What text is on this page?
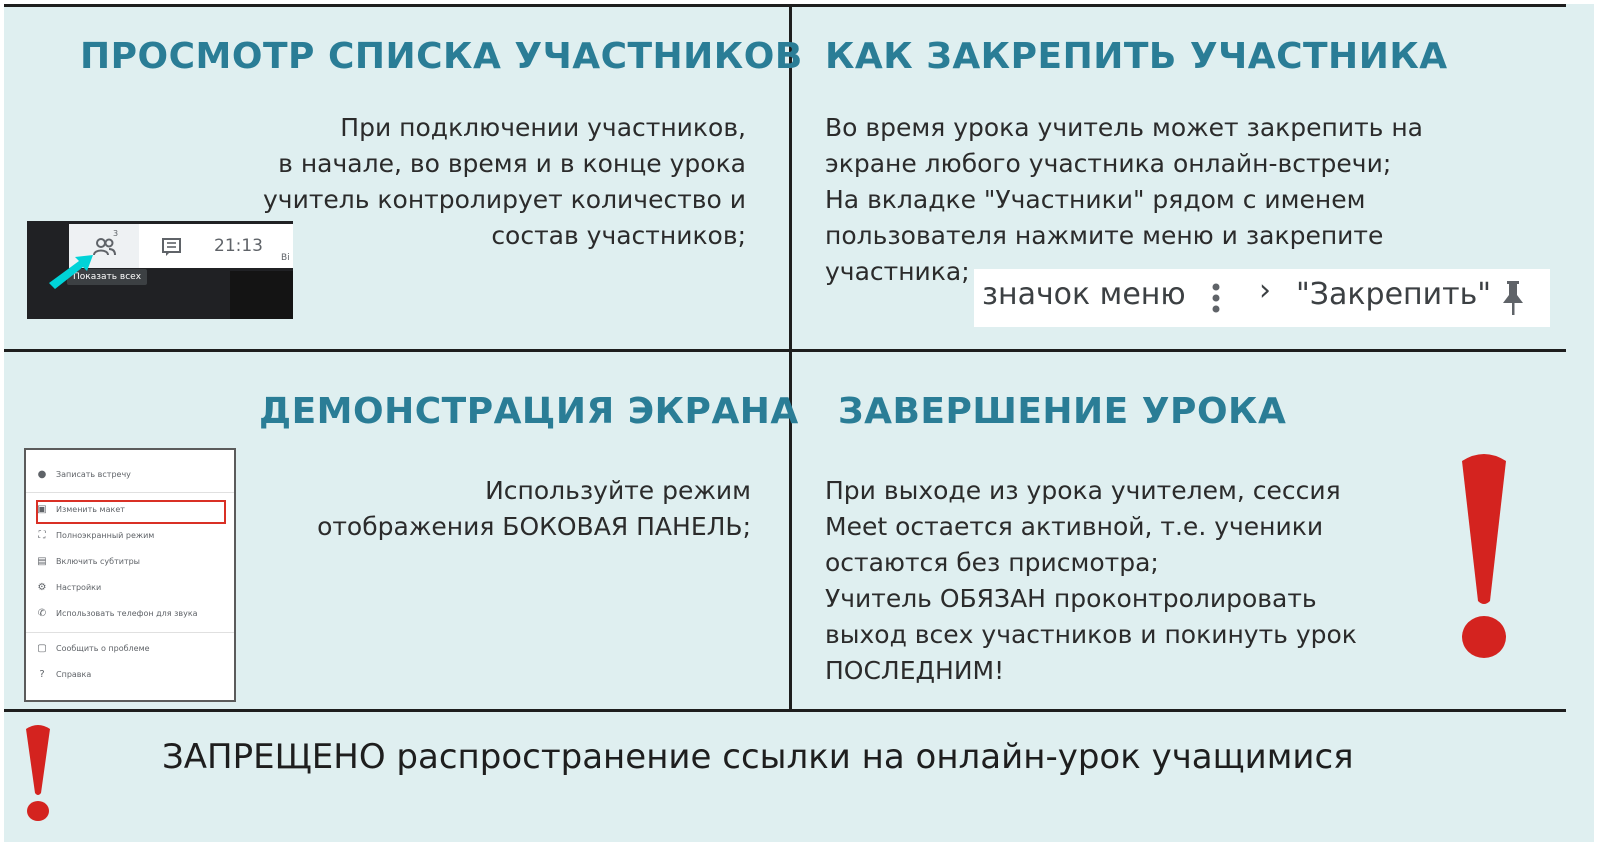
ПРОСМОТР СПИСКА УЧАСТНИКОВ
При подключении участников,
в начале, во время и в конце урока
учитель контролирует количество и
состав участников;
3
21:13
Ві
Показать всех
КАК ЗАКРЕПИТЬ УЧАСТНИКА
Во время урока учитель может закрепить на
экране любого участника онлайн-встречи;
На вкладке "Участники" рядом с именем
пользователя нажмите меню и закрепите
участника;
значок меню › "Закрепить"
ДЕМОНСТРАЦИЯ ЭКРАНА
Используйте режим
отображения БОКОВАЯ ПАНЕЛЬ;
● Записать встречу
▣ Изменить макет
⛶ Полноэкранный режим
▤ Включить субтитры
⚙ Настройки
✆ Использовать телефон для звука
▢ Сообщить о проблеме
? Справка
ЗАВЕРШЕНИЕ УРОКА
При выходе из урока учителем, сессия
Meet остается активной, т.е. ученики
остаются без присмотра;
Учитель ОБЯЗАН проконтролировать
выход всех участников и покинуть урок
ПОСЛЕДНИМ!
ЗАПРЕЩЕНО распространение ссылки на онлайн-урок учащимися
